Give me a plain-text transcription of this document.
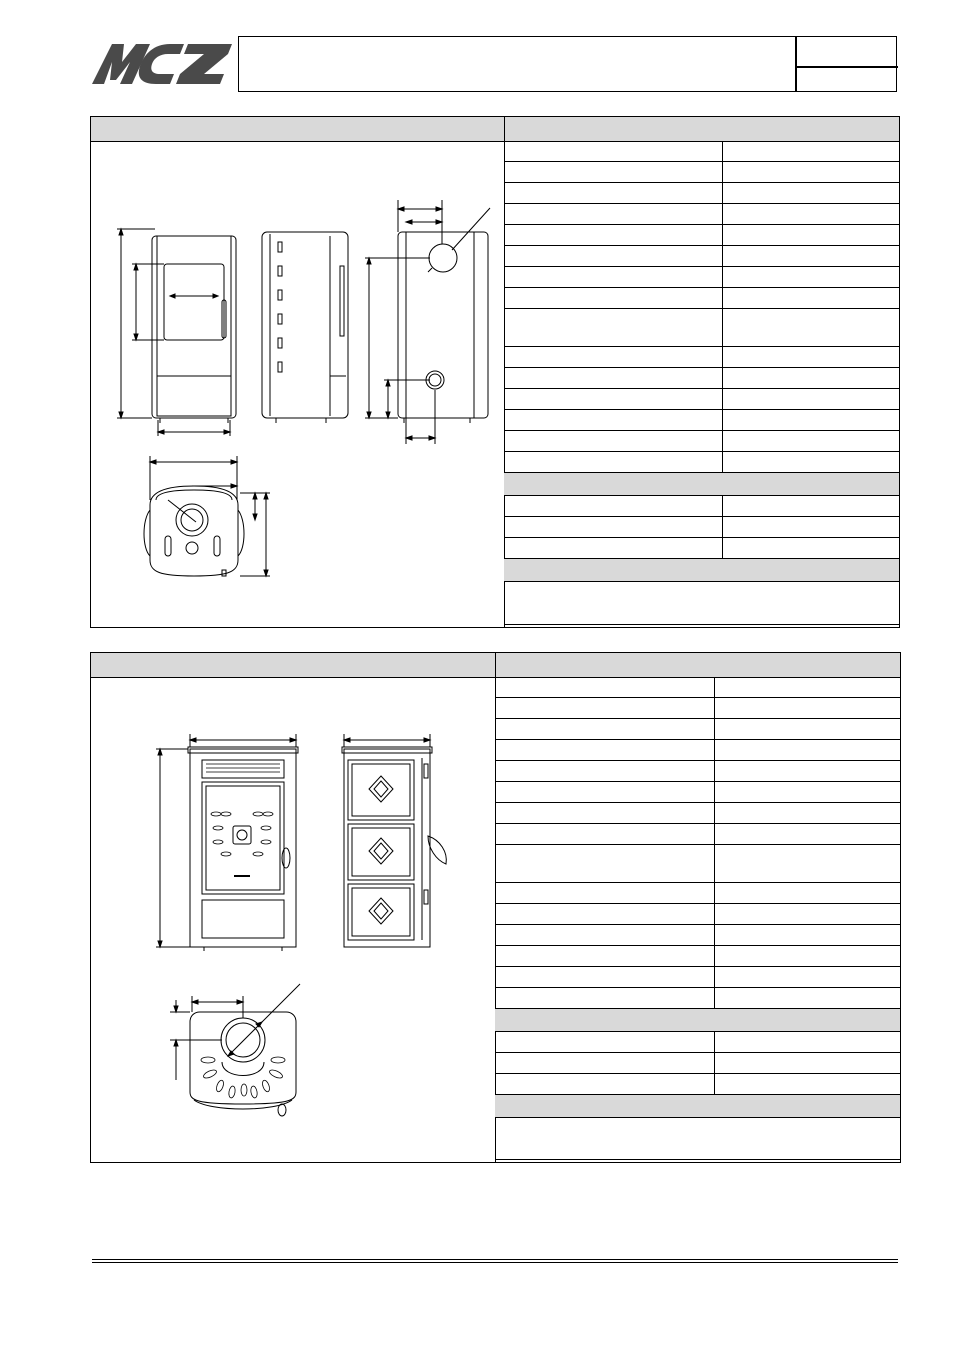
MCZ
